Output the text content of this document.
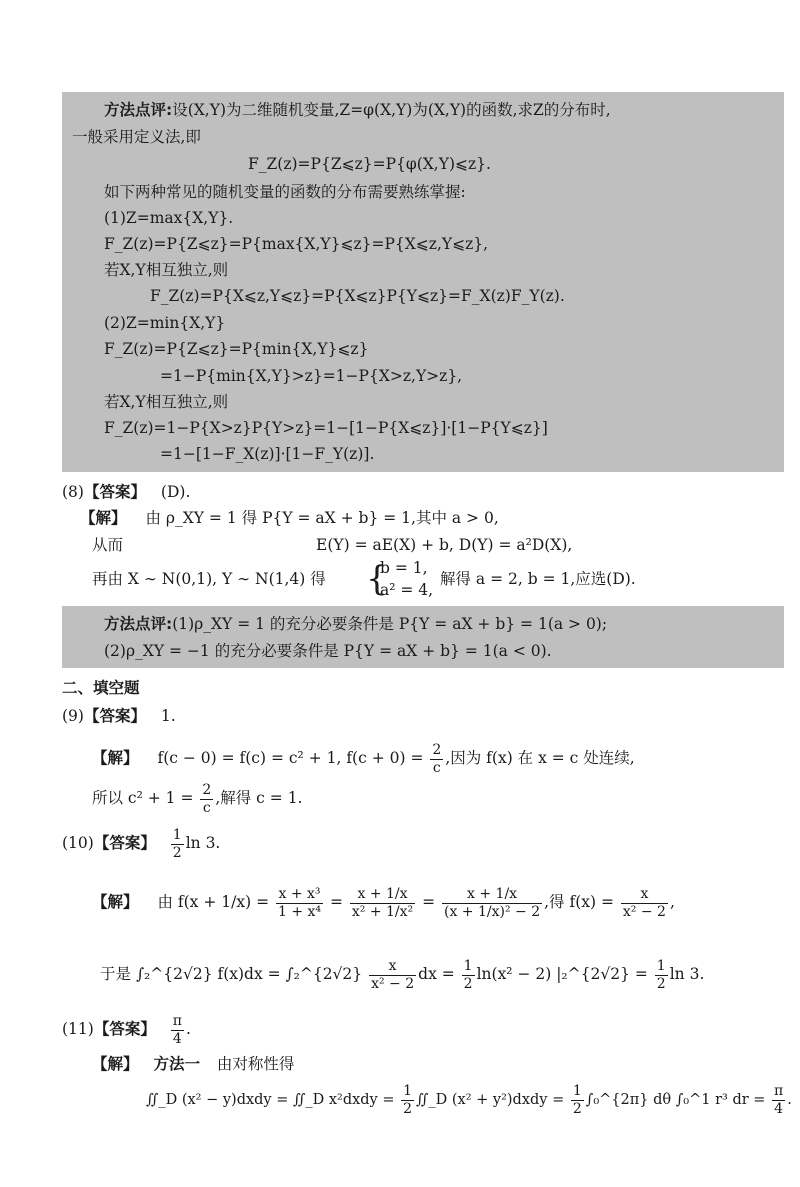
方法点评:设(X,Y)为二维随机变量,Z=φ(X,Y)为(X,Y)的函数,求Z的分布时,
一般采用定义法,即
F_Z(z)=P{Z⩽z}=P{φ(X,Y)⩽z}.
如下两种常见的随机变量的函数的分布需要熟练掌握:
(1)Z=max{X,Y}.
F_Z(z)=P{Z⩽z}=P{max{X,Y}⩽z}=P{X⩽z,Y⩽z},
若X,Y相互独立,则
F_Z(z)=P{X⩽z,Y⩽z}=P{X⩽z}P{Y⩽z}=F_X(z)F_Y(z).
(2)Z=min{X,Y}
F_Z(z)=P{Z⩽z}=P{min{X,Y}⩽z}
=1−P{min{X,Y}>z}=1−P{X>z,Y>z},
若X,Y相互独立,则
F_Z(z)=1−P{X>z}P{Y>z}=1−[1−P{X⩽z}]·[1−P{Y⩽z}]
=1−[1−F_X(z)]·[1−F_Y(z)].
(8)【答案】 (D).
【解】 由 ρ_XY = 1 得 P{Y = aX + b} = 1,其中 a > 0,
从而	E(Y) = aE(X) + b, D(Y) = a²D(X),
再由 X ∼ N(0,1), Y ∼ N(1,4) 得 {
b = 1,
a² = 4,
解得 a = 2, b = 1,应选(D).
方法点评:(1)ρ_XY = 1 的充分必要条件是 P{Y = aX + b} = 1(a > 0);
(2)ρ_XY = −1 的充分必要条件是 P{Y = aX + b} = 1(a < 0).
二、填空题
(9)【答案】 1.
【解】 f(c − 0) = f(c) = c² + 1, $f(c + 0) = \frac{2}{c}$ ,因为 f(x) 在 x = c 处连续,
所以 $c^2 + 1 = \frac{2}{c}$ ,解得 c = 1.
(10)【答案】 $\frac{1}{2}$ ln 3.
【解】 由 $f(x + 1/x) = \frac{\text{x + x³}}{\text{1 + x⁴}} = \frac{x + 1/x}{\text{x² + 1/x²}} = \frac{x + 1/x}{\text{(x + 1/x)² − 2}}$ ,得 $f(x) = \frac{x}{\text{x² − 2}}$ ,
于是 ∫₂^{2√2} f(x)dx = ∫₂^{2√2} $\frac{x}{\text{x² − 2}}$ dx = $\frac{1}{2} \ln(x^2 - 2)$ |₂^{2√2} = $\frac{1}{2}$ ln 3.
(11)【答案】 $\frac{\pi}{4}$ .
【解】 方法一 由对称性得
∬_D (x² − y)dxdy = ∬_D x²dxdy = $\frac{1}{2}$ ∬_D (x² + y²)dxdy = $\frac{1}{2}$ ∫₀^{2π} dθ ∫₀^1 r³ dr = $\frac{\pi}{4}$ .
